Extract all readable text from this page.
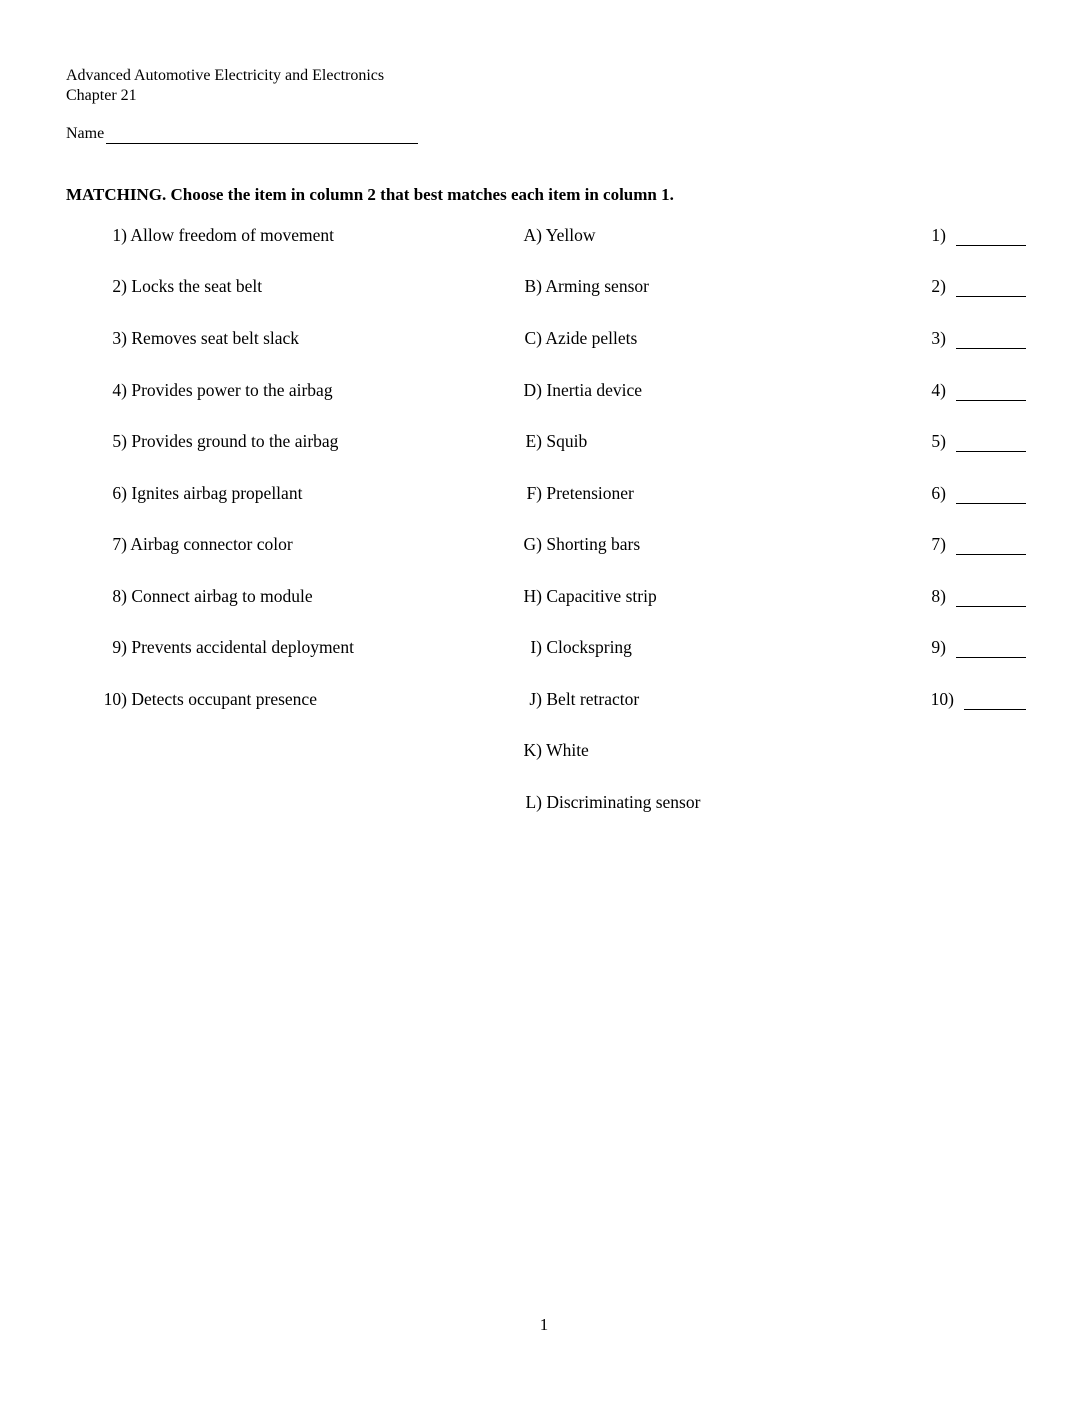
Advanced Automotive Electricity and Electronics
Chapter 21
Name
MATCHING. Choose the item in column 2 that best matches each item in column 1.
1) Allow freedom of movement
2) Locks the seat belt
3) Removes seat belt slack
4) Provides power to the airbag
5) Provides ground to the airbag
6) Ignites airbag propellant
7) Airbag connector color
8) Connect airbag to module
9) Prevents accidental deployment
10) Detects occupant presence
A) Yellow
B) Arming sensor
C) Azide pellets
D) Inertia device
E) Squib
F) Pretensioner
G) Shorting bars
H) Capacitive strip
I) Clockspring
J) Belt retractor
K) White
L) Discriminating sensor
1)
2)
3)
4)
5)
6)
7)
8)
9)
10)
1
